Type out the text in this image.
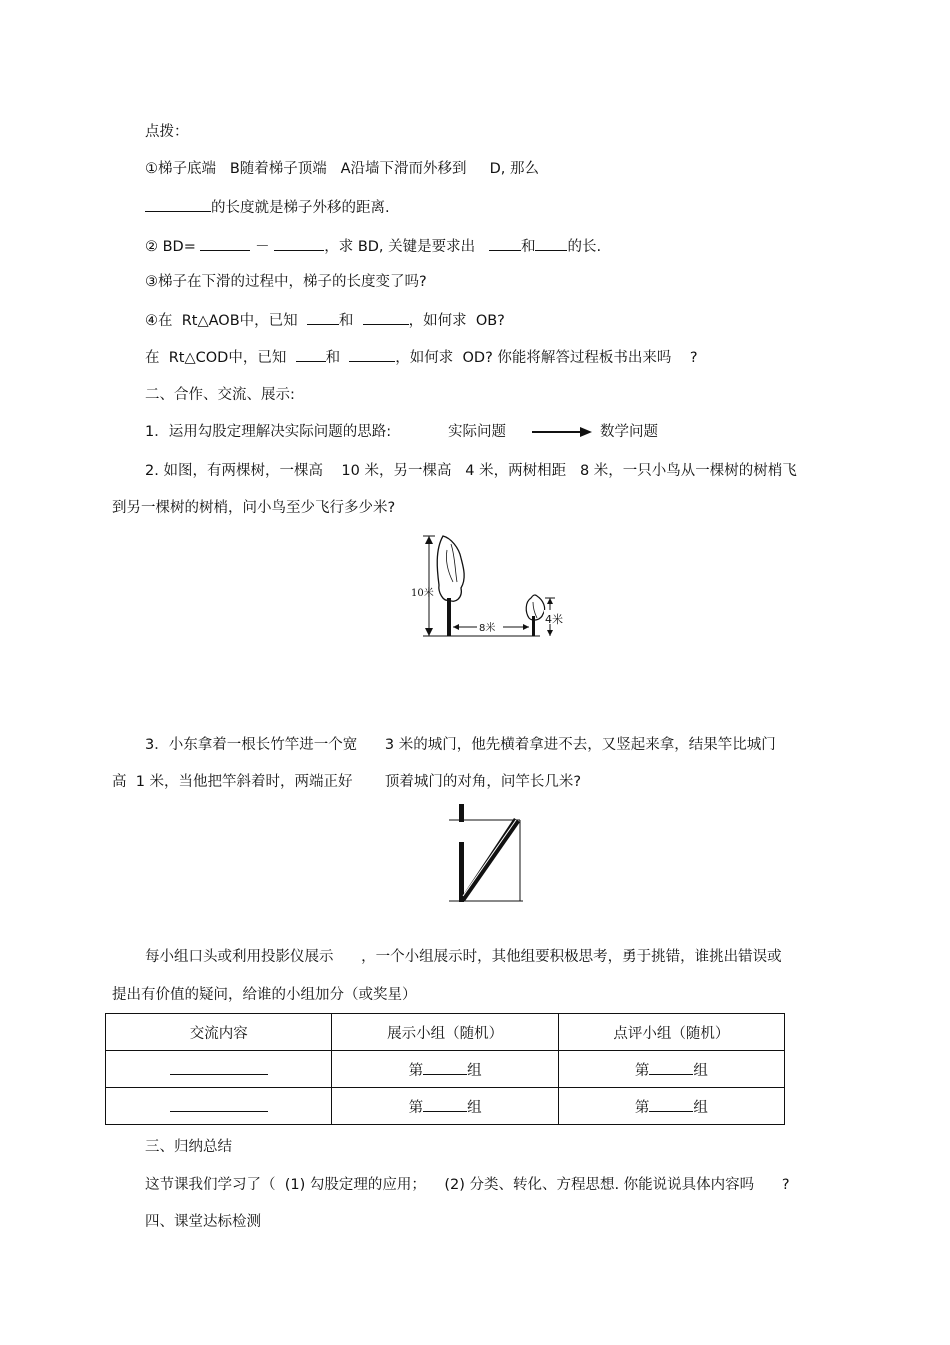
点拨：
①梯子底端 B随着梯子顶端 A沿墙下滑而外移到 D, 那么
的长度就是梯子外移的距离.
② BD=	－	，求 BD, 关键是要求出	和 的长.
③梯子在下滑的过程中，梯子的长度变了吗?
④在 Rt△AOB中，已知	和	，如何求 OB?
在 Rt△COD中，已知	和	，如何求 OD? 你能将解答过程板书出来吗 ?
二、合作、交流、展示:
1．运用勾股定理解决实际问题的思路:	实际问题	数学问题
2. 如图，有两棵树，一棵高 10 米，另一棵高 4 米，两树相距 8 米，一只小鸟从一棵树的树梢飞
到另一棵树的树梢，问小鸟至少飞行多少米?
10米
8米
4米
3．小东拿着一根长竹竿进一个宽 3 米的城门，他先横着拿进不去，又竖起来拿，结果竿比城门
高  1 米，当他把竿斜着时，两端正好 顶着城门的对角，问竿长几米?
每小组口头或利用投影仪展示 ，一个小组展示时，其他组要积极思考，勇于挑错，谁挑出错误或
提出有价值的疑问，给谁的小组加分（或奖星）
交流内容	展示小组（随机）	点评小组（随机）
	第 组	第 组
	第 组	第 组
三、归纳总结
这节课我们学习了（  (1) 勾股定理的应用； (2) 分类、转化、方程思想. 你能说说具体内容吗 ?
四、课堂达标检测
